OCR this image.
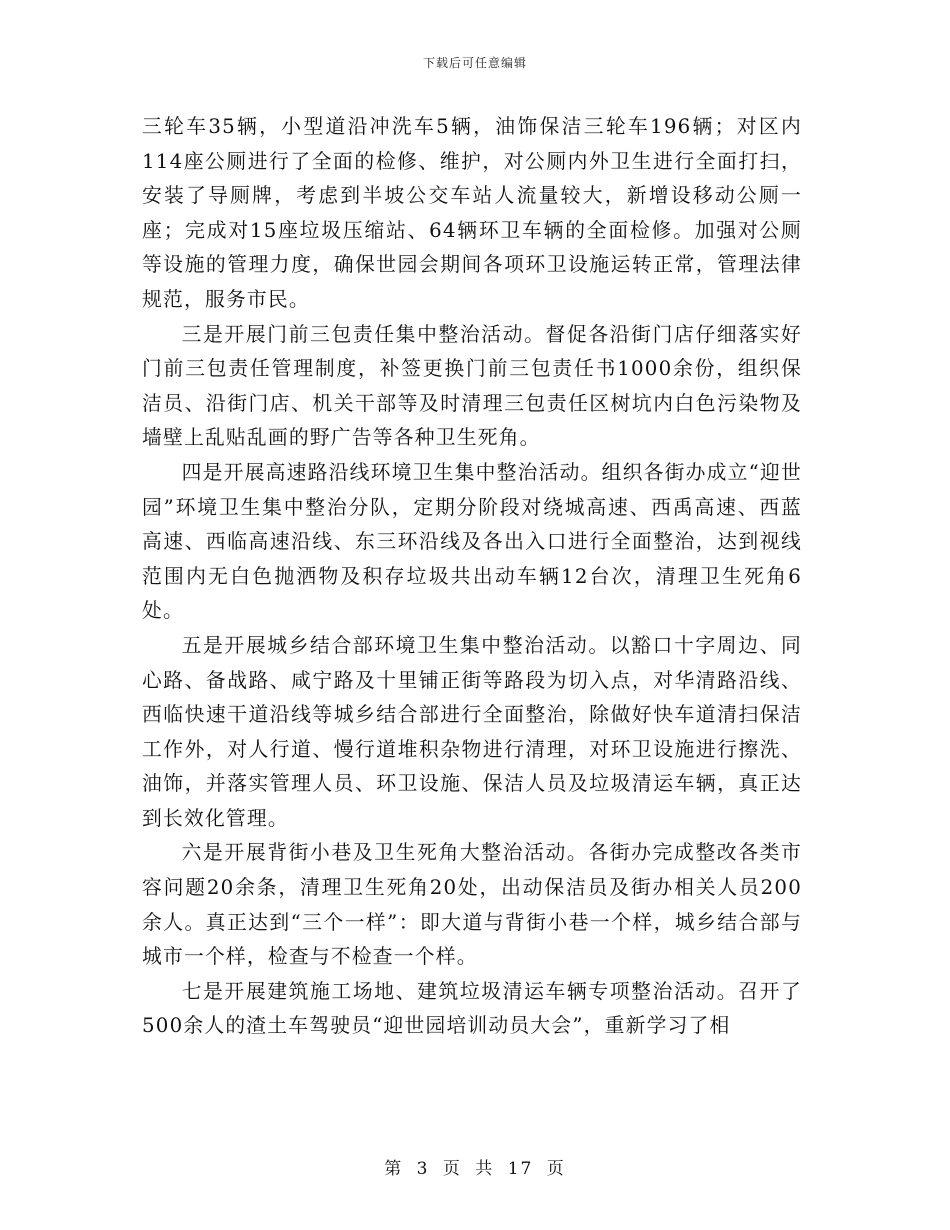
下载后可任意编辑

三轮车35辆，小型道沿冲洗车5辆，油饰保洁三轮车196辆；对区内114座公厕进行了全面的检修、维护，对公厕内外卫生进行全面打扫，安装了导厕牌，考虑到半坡公交车站人流量较大，新增设移动公厕一座；完成对15座垃圾压缩站、64辆环卫车辆的全面检修。加强对公厕等设施的管理力度，确保世园会期间各项环卫设施运转正常，管理法律规范，服务市民。

三是开展门前三包责任集中整治活动。督促各沿街门店仔细落实好门前三包责任管理制度，补签更换门前三包责任书1000余份，组织保洁员、沿街门店、机关干部等及时清理三包责任区树坑内白色污染物及墙壁上乱贴乱画的野广告等各种卫生死角。

四是开展高速路沿线环境卫生集中整治活动。组织各街办成立“迎世园”环境卫生集中整治分队，定期分阶段对绕城高速、西禹高速、西蓝高速、西临高速沿线、东三环沿线及各出入口进行全面整治，达到视线范围内无白色抛洒物及积存垃圾共出动车辆12台次，清理卫生死角6处。

五是开展城乡结合部环境卫生集中整治活动。以豁口十字周边、同心路、备战路、咸宁路及十里铺正街等路段为切入点，对华清路沿线、西临快速干道沿线等城乡结合部进行全面整治，除做好快车道清扫保洁工作外，对人行道、慢行道堆积杂物进行清理，对环卫设施进行擦洗、油饰，并落实管理人员、环卫设施、保洁人员及垃圾清运车辆，真正达到长效化管理。

六是开展背街小巷及卫生死角大整治活动。各街办完成整改各类市容问题20余条，清理卫生死角20处，出动保洁员及街办相关人员200余人。真正达到“三个一样”：即大道与背街小巷一个样，城乡结合部与城市一个样，检查与不检查一个样。

七是开展建筑施工场地、建筑垃圾清运车辆专项整治活动。召开了500余人的渣土车驾驶员“迎世园培训动员大会”，重新学习了相

第 3 页 共 17 页
